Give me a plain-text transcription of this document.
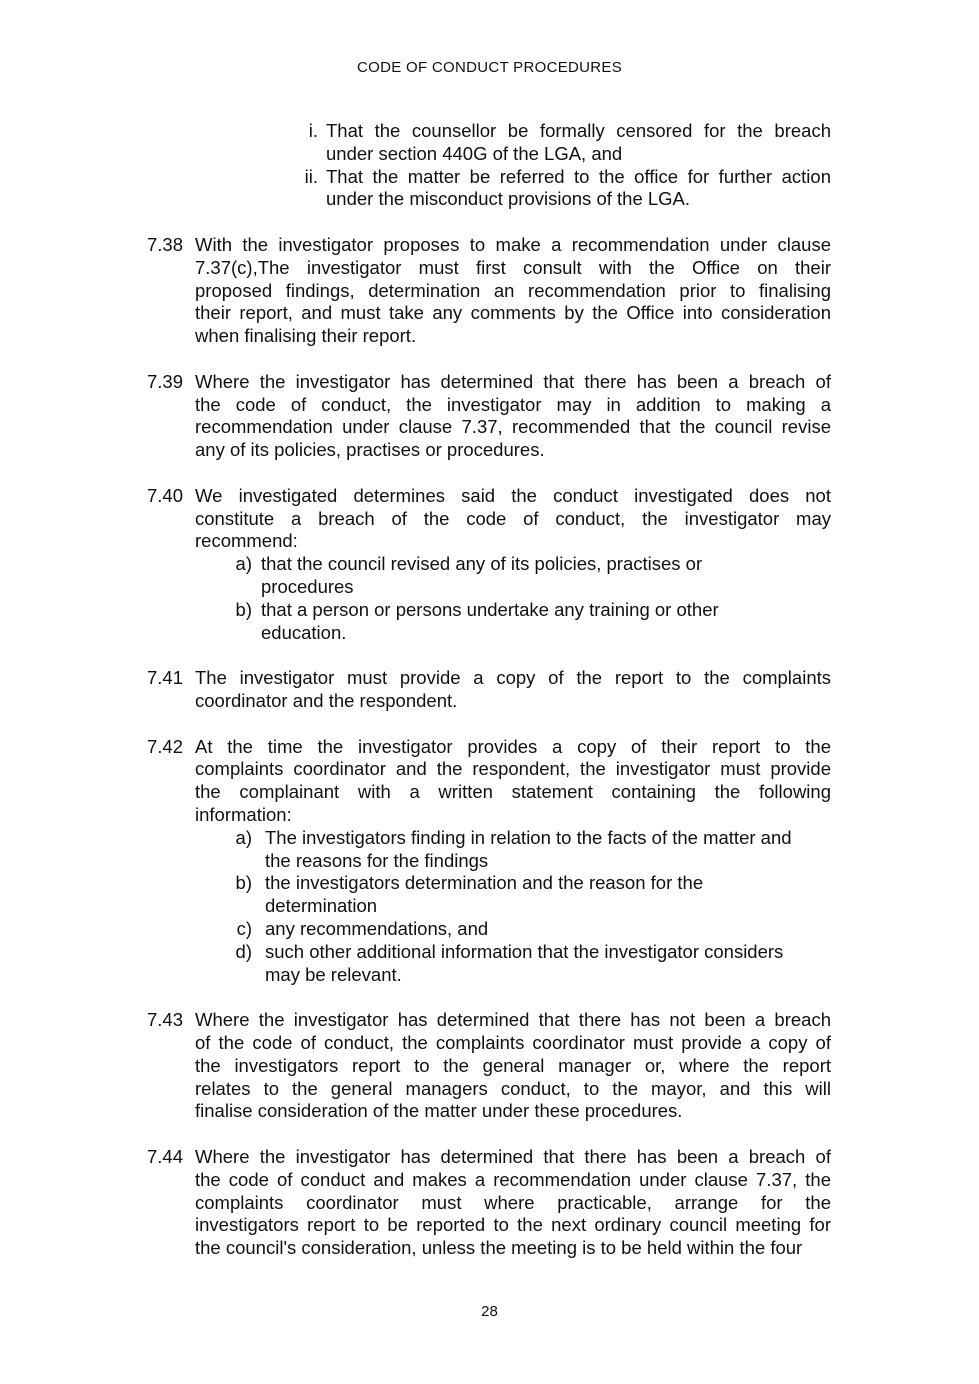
CODE OF CONDUCT PROCEDURES
i. That the counsellor be formally censored for the breach
under section 440G of the LGA, and
ii. That the matter be referred to the office for further action
under the misconduct provisions of the LGA.
7.38 With the investigator proposes to make a recommendation under clause
7.37(c),The investigator must first consult with the Office on their
proposed findings, determination an recommendation prior to finalising
their report, and must take any comments by the Office into consideration
when finalising their report.
7.39 Where the investigator has determined that there has been a breach of
the code of conduct, the investigator may in addition to making a
recommendation under clause 7.37, recommended that the council revise
any of its policies, practises or procedures.
7.40 We investigated determines said the conduct investigated does not
constitute a breach of the code of conduct, the investigator may
recommend:
a) that the council revised any of its policies, practises or
procedures
b) that a person or persons undertake any training or other
education.
7.41 The investigator must provide a copy of the report to the complaints
coordinator and the respondent.
7.42 At the time the investigator provides a copy of their report to the
complaints coordinator and the respondent, the investigator must provide
the complainant with a written statement containing the following
information:
a) The investigators finding in relation to the facts of the matter and
the reasons for the findings
b) the investigators determination and the reason for the
determination
c) any recommendations, and
d) such other additional information that the investigator considers
may be relevant.
7.43 Where the investigator has determined that there has not been a breach
of the code of conduct, the complaints coordinator must provide a copy of
the investigators report to the general manager or, where the report
relates to the general managers conduct, to the mayor, and this will
finalise consideration of the matter under these procedures.
7.44 Where the investigator has determined that there has been a breach of
the code of conduct and makes a recommendation under clause 7.37, the
complaints coordinator must where practicable, arrange for the
investigators report to be reported to the next ordinary council meeting for
the council's consideration, unless the meeting is to be held within the four
28
